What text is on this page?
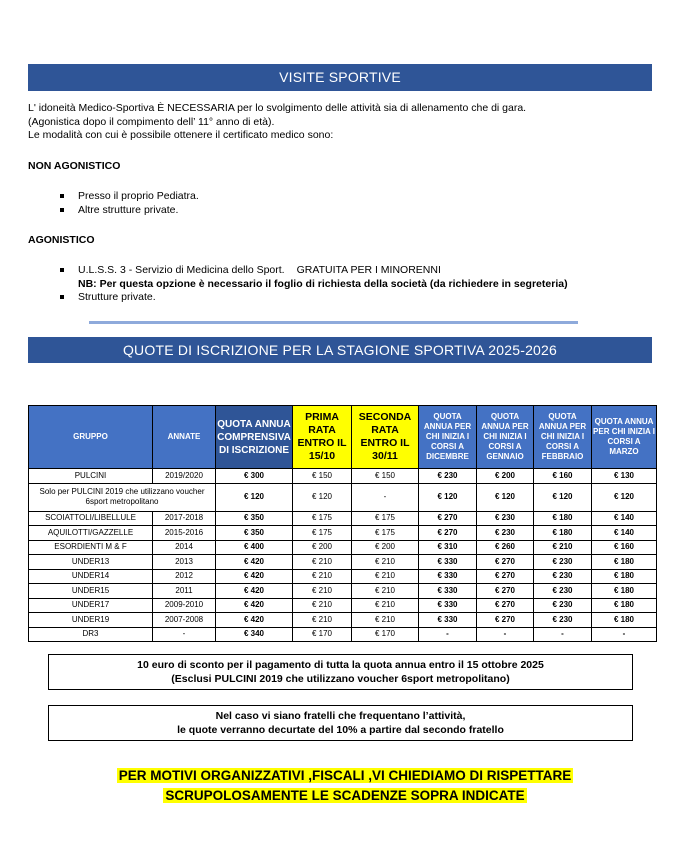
VISITE SPORTIVE
L' idoneità Medico-Sportiva È NECESSARIA per lo svolgimento delle attività sia di allenamento che di gara.
(Agonistica dopo il compimento dell’ 11° anno di età).
Le modalità con cui è possibile ottenere il certificato medico sono:
NON AGONISTICO
Presso il proprio Pediatra.
Altre strutture private.
AGONISTICO
U.L.S.S. 3 - Servizio di Medicina dello Sport. GRATUITA PER I MINORENNI
NB: Per questa opzione è necessario il foglio di richiesta della società (da richiedere in segreteria)
Strutture private.
QUOTE DI ISCRIZIONE PER LA STAGIONE SPORTIVA 2025-2026
GRUPPO	ANNATE	QUOTA ANNUA COMPRENSIVA DI ISCRIZIONE	PRIMA RATA ENTRO IL 15/10	SECONDA RATA ENTRO IL 30/11	QUOTA ANNUA PER CHI INIZIA I CORSI A DICEMBRE	QUOTA ANNUA PER CHI INIZIA I CORSI A GENNAIO	QUOTA ANNUA PER CHI INIZIA I CORSI A FEBBRAIO	QUOTA ANNUA PER CHI INIZIA I CORSI A MARZO
PULCINI	2019/2020	€ 300	€ 150	€ 150	€ 230	€ 200	€ 160	€ 130
Solo per PULCINI 2019 che utilizzano voucher 6sport metropolitano		€ 120	€ 120	-	€ 120	€ 120	€ 120	€ 120
SCOIATTOLI/LIBELLULE	2017-2018	€ 350	€ 175	€ 175	€ 270	€ 230	€ 180	€ 140
AQUILOTTI/GAZZELLE	2015-2016	€ 350	€ 175	€ 175	€ 270	€ 230	€ 180	€ 140
ESORDIENTI M & F	2014	€ 400	€ 200	€ 200	€ 310	€ 260	€ 210	€ 160
UNDER13	2013	€ 420	€ 210	€ 210	€ 330	€ 270	€ 230	€ 180
UNDER14	2012	€ 420	€ 210	€ 210	€ 330	€ 270	€ 230	€ 180
UNDER15	2011	€ 420	€ 210	€ 210	€ 330	€ 270	€ 230	€ 180
UNDER17	2009-2010	€ 420	€ 210	€ 210	€ 330	€ 270	€ 230	€ 180
UNDER19	2007-2008	€ 420	€ 210	€ 210	€ 330	€ 270	€ 230	€ 180
DR3	-	€ 340	€ 170	€ 170	-	-	-	-
10 euro di sconto per il pagamento di tutta la quota annua entro il 15 ottobre 2025
(Esclusi PULCINI 2019 che utilizzano voucher 6sport metropolitano)
Nel caso vi siano fratelli che frequentano l’attività,
le quote verranno decurtate del 10% a partire dal secondo fratello
PER MOTIVI ORGANIZZATIVI ,FISCALI ,VI CHIEDIAMO DI RISPETTARE
SCRUPOLOSAMENTE LE SCADENZE SOPRA INDICATE
